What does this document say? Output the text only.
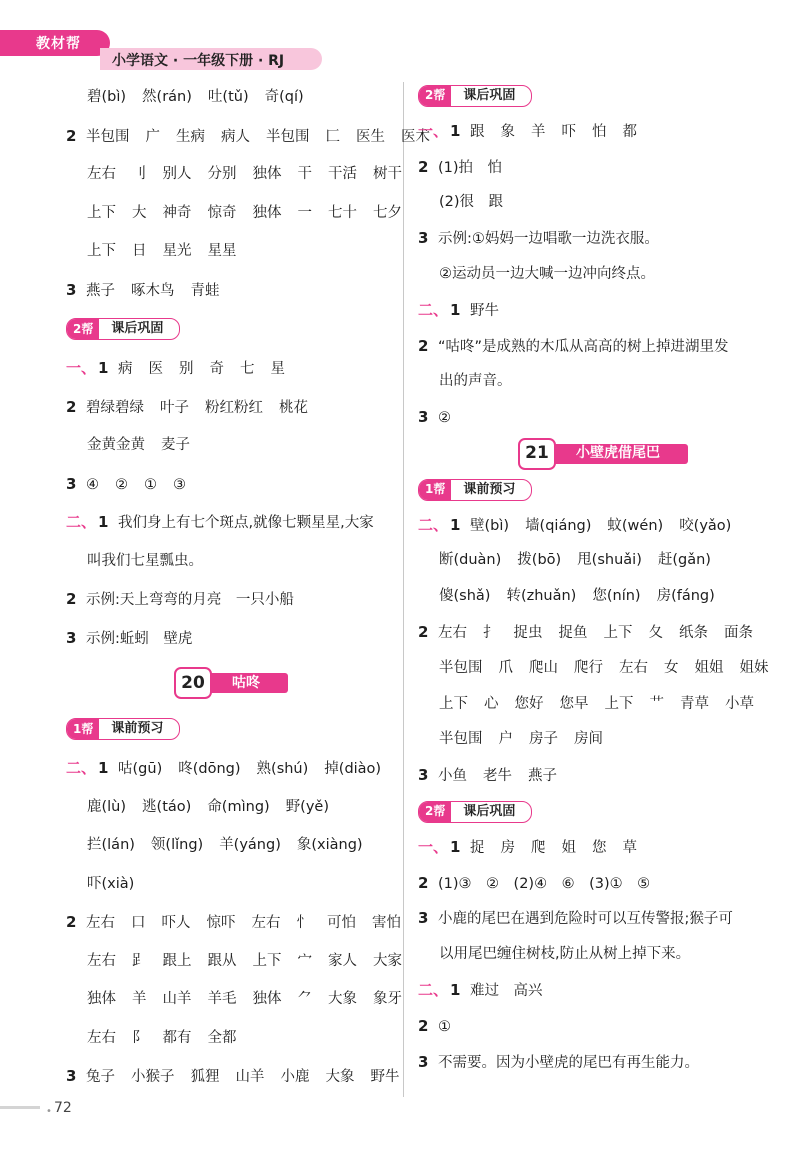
教材帮
小学语文 · 一年级下册 · RJ
碧(bì) 然(rán) 吐(tǔ) 奇(qí)
2 半包围 广 生病 病人 半包围 匚 医生 医术
左右 刂 别人 分别 独体 干 干活 树干
上下 大 神奇 惊奇 独体 一 七十 七夕
上下 日 星光 星星
3 燕子 啄木鸟 青蛙
2帮	课后巩固
一、 1 病 医 别 奇 七 星
2 碧绿碧绿 叶子 粉红粉红 桃花
金黄金黄 麦子
3 ④ ② ① ③
二、 1 我们身上有七个斑点,就像七颗星星,大家
叫我们七星瓢虫。
2 示例:天上弯弯的月亮　一只小船
3 示例:蚯蚓　壁虎
20	咕咚
1帮	课前预习
二、 1 咕(gū) 咚(dōng) 熟(shú) 掉(diào)
鹿(lù) 逃(táo) 命(mìng) 野(yě)
拦(lán) 领(lǐng) 羊(yáng) 象(xiàng)
吓(xià)
2 左右 口 吓人 惊吓 左右 忄 可怕 害怕
左右 𧾷 跟上 跟从 上下 宀 家人 大家
独体 羊 山羊 羊毛 独体 ⺈ 大象 象牙
左右 阝 都有 全都
3 兔子 小猴子 狐狸 山羊 小鹿 大象 野牛
2帮	课后巩固
一、 1 跟 象 羊 吓 怕 都
2 (1)拍　怕
(2)很　跟
3 示例:①妈妈一边唱歌一边洗衣服。
②运动员一边大喊一边冲向终点。
二、 1 野牛
2 “咕咚”是成熟的木瓜从高高的树上掉进湖里发
出的声音。
3 ②
21	小壁虎借尾巴
1帮	课前预习
二、 1 壁(bì) 墙(qiáng) 蚊(wén) 咬(yǎo)
断(duàn) 拨(bō) 甩(shuǎi) 赶(gǎn)
傻(shǎ) 转(zhuǎn) 您(nín) 房(fáng)
2 左右 扌 捉虫 捉鱼 上下 夂 纸条 面条
半包围 爪 爬山 爬行 左右 女 姐姐 姐妹
上下 心 您好 您早 上下 艹 青草 小草
半包围 户 房子 房间
3 小鱼 老牛 燕子
2帮	课后巩固
一、 1 捉 房 爬 姐 您 草
2 (1)③　②　(2)④　⑥　(3)①　⑤
3 小鹿的尾巴在遇到危险时可以互传警报;猴子可
以用尾巴缠住树枝,防止从树上掉下来。
二、 1 难过　高兴
2 ①
3 不需要。因为小壁虎的尾巴有再生能力。
• 72
